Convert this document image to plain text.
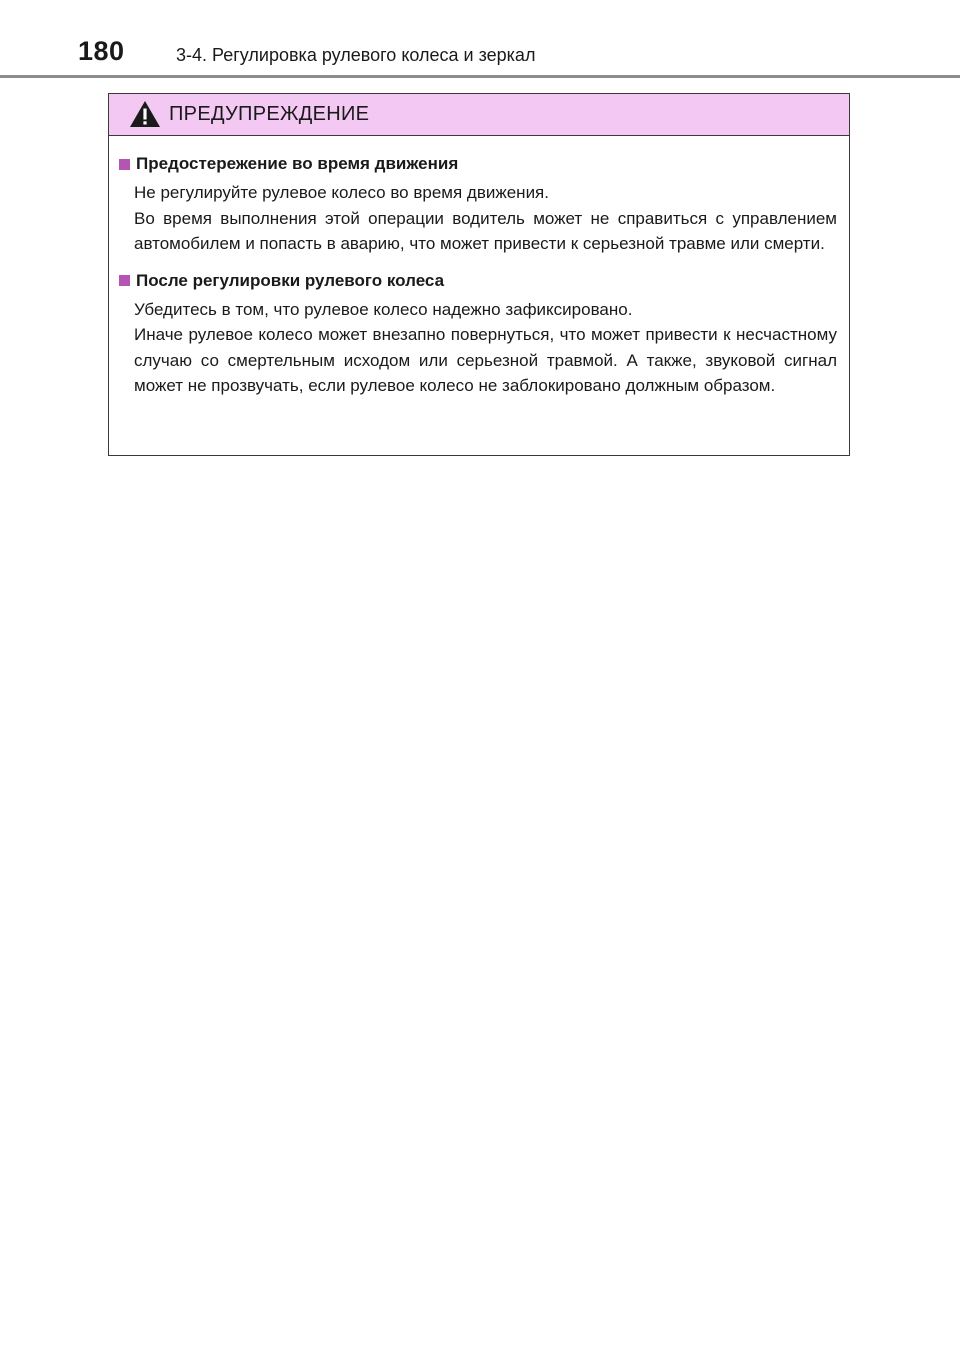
180	3-4. Регулировка рулевого колеса и зеркал
ПРЕДУПРЕЖДЕНИЕ
Предостережение во время движения

Не регулируйте рулевое колесо во время движения.

Во время выполнения этой операции водитель может не справиться с управлением автомобилем и попасть в аварию, что может привести к серьезной травме или смерти.

После регулировки рулевого колеса

Убедитесь в том, что рулевое колесо надежно зафиксировано.

Иначе рулевое колесо может внезапно повернуться, что может привести к несчастному случаю со смертельным исходом или серьезной травмой. А также, звуковой сигнал может не прозвучать, если рулевое колесо не заблокировано должным образом.
